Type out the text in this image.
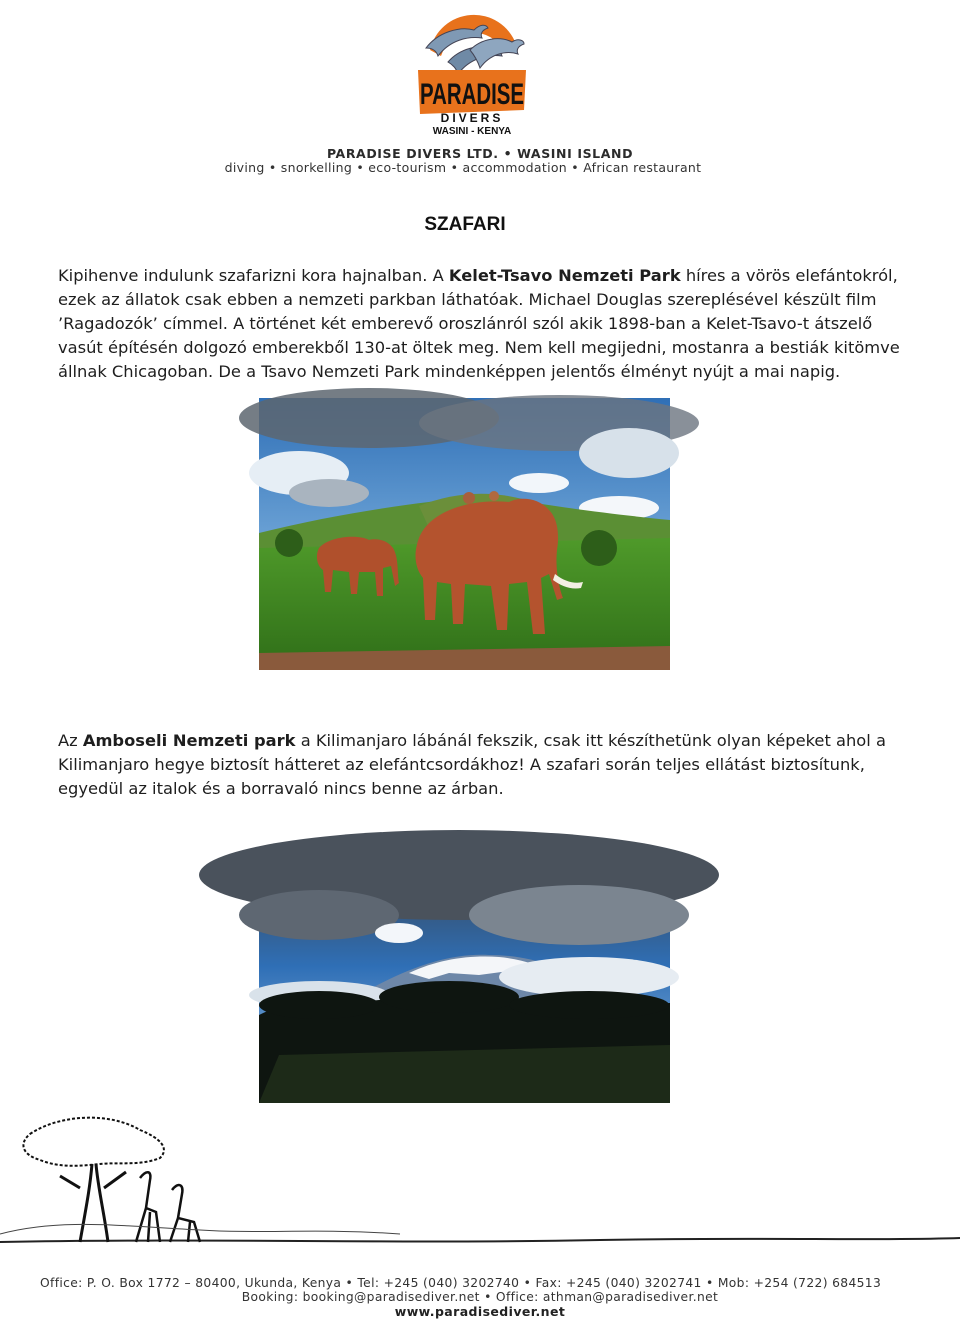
PARADISE
DIVERS
WASINI - KENYA
PARADISE DIVERS LTD. • WASINI ISLAND
diving • snorkelling • eco-tourism • accommodation • African restaurant
SZAFARI
Kipihenve indulunk szafarizni kora hajnalban. A Kelet-Tsavo Nemzeti Park híres a vörös elefántokról,
ezek az állatok csak ebben a nemzeti parkban láthatóak. Michael Douglas szereplésével készült film
’Ragadozók’ címmel. A történet két emberevő oroszlánról szól akik 1898-ban a Kelet-Tsavo-t átszelő
vasút építésén dolgozó emberekből 130-at öltek meg. Nem kell megijedni, mostanra a bestiák kitömve
állnak Chicagoban. De a Tsavo Nemzeti Park mindenképpen jelentős élményt nyújt a mai napig.
Az Amboseli Nemzeti park a Kilimanjaro lábánál fekszik, csak itt készíthetünk olyan képeket ahol a
Kilimanjaro hegye biztosít hátteret az elefántcsordákhoz! A szafari során teljes ellátást biztosítunk,
egyedül az italok és a borravaló nincs benne az árban.
Office: P. O. Box 1772 – 80400, Ukunda, Kenya • Tel: +245 (040) 3202740 • Fax: +245 (040) 3202741 • Mob: +254 (722) 684513
Booking: booking@paradisediver.net • Office: athman@paradisediver.net
www.paradisediver.net
